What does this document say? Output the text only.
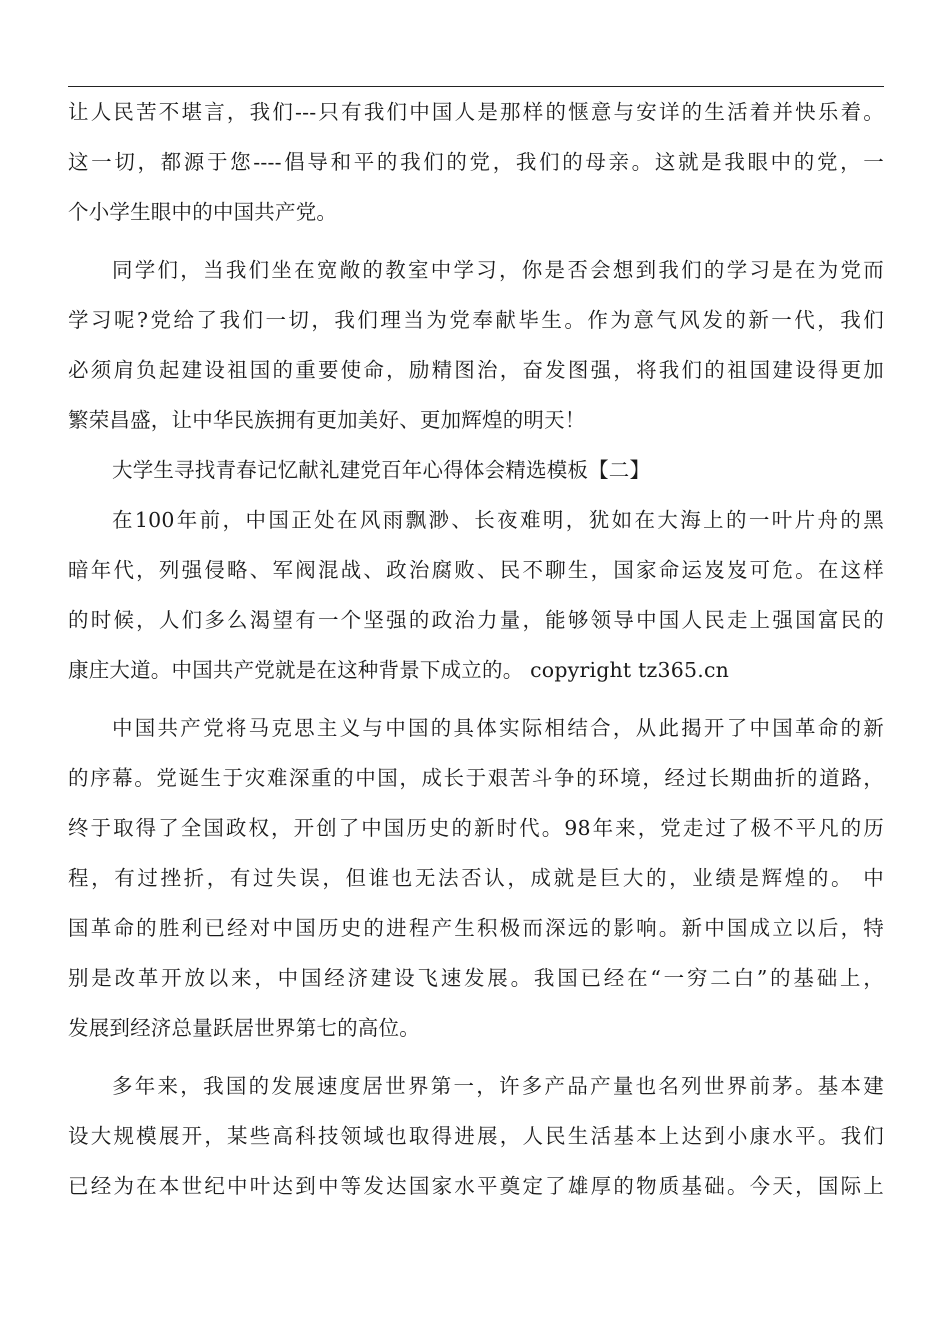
让人民苦不堪言，我们---只有我们中国人是那样的惬意与安详的生活着并快乐着。
这一切，都源于您----倡导和平的我们的党，我们的母亲。这就是我眼中的党，一
个小学生眼中的中国共产党。
同学们，当我们坐在宽敞的教室中学习，你是否会想到我们的学习是在为党而
学习呢?党给了我们一切，我们理当为党奉献毕生。作为意气风发的新一代，我们
必须肩负起建设祖国的重要使命，励精图治，奋发图强，将我们的祖国建设得更加
繁荣昌盛，让中华民族拥有更加美好、更加辉煌的明天！
大学生寻找青春记忆献礼建党百年心得体会精选模板【二】
在100年前，中国正处在风雨飘渺、长夜难明，犹如在大海上的一叶片舟的黑
暗年代，列强侵略、军阀混战、政治腐败、民不聊生，国家命运岌岌可危。在这样
的时候，人们多么渴望有一个坚强的政治力量，能够领导中国人民走上强国富民的
康庄大道。中国共产党就是在这种背景下成立的。 copyright tz365.cn
中国共产党将马克思主义与中国的具体实际相结合，从此揭开了中国革命的新
的序幕。党诞生于灾难深重的中国，成长于艰苦斗争的环境，经过长期曲折的道路，
终于取得了全国政权，开创了中国历史的新时代。98年来，党走过了极不平凡的历
程，有过挫折，有过失误，但谁也无法否认，成就是巨大的，业绩是辉煌的。 中
国革命的胜利已经对中国历史的进程产生积极而深远的影响。新中国成立以后，特
别是改革开放以来，中国经济建设飞速发展。我国已经在“一穷二白”的基础上，
发展到经济总量跃居世界第七的高位。
多年来，我国的发展速度居世界第一，许多产品产量也名列世界前茅。基本建
设大规模展开，某些高科技领域也取得进展，人民生活基本上达到小康水平。我们
已经为在本世纪中叶达到中等发达国家水平奠定了雄厚的物质基础。今天，国际上
